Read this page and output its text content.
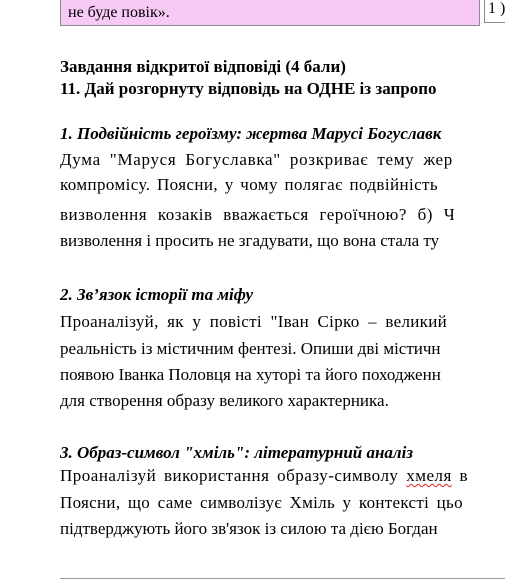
не буде повік».	1 )
Завдання відкритої відповіді (4 бали)
11. Дай розгорнуту відповідь на ОДНЕ із запропо
1. Подвійність героїзму: жертва Марусі Богуславк
Дума "Маруся Богуславка" розкриває тему жер
компромісу. Поясни, у чому полягає подвійність
визволення козаків вважається героїчною? б) Ч
визволення і просить не згадувати, що вона стала ту
2. Зв’язок історії та міфу
Проаналізуй, як у повісті "Іван Сірко – великий
реальність із містичним фентезі. Опиши дві містичн
появою Іванка Половця на хуторі та його походженн
для створення образу великого характерника.
3. Образ-символ "хміль": літературний аналіз
Проаналізуй використання образу-символу хмеля в
Поясни, що саме символізує Хміль у контексті цьо
підтверджують його зв'язок із силою та дією Богдан
